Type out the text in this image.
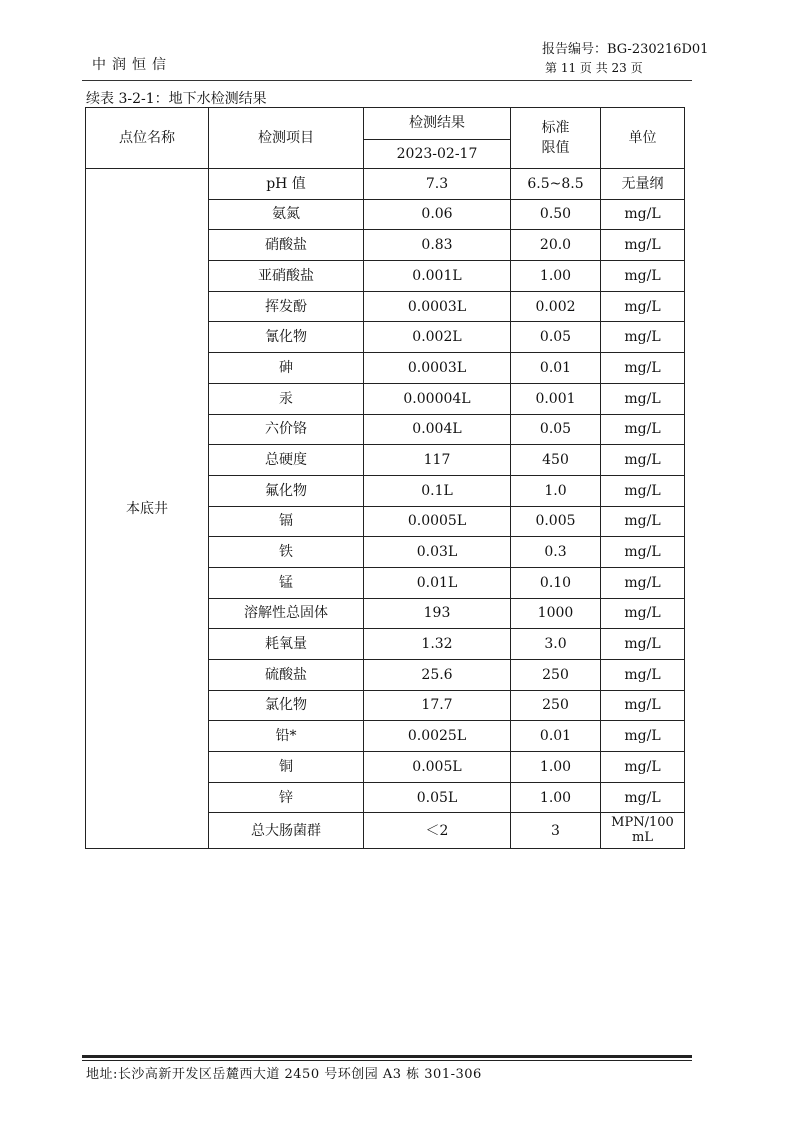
中润恒信
报告编号：BG-230216D01
第 11 页 共 23 页
续表 3-2-1：地下水检测结果
点位名称	检测项目	检测结果	标准限值	单位
		2023-02-17		
本底井	pH 值	7.3	6.5~8.5	无量纲
	氨氮	0.06	0.50	mg/L
	硝酸盐	0.83	20.0	mg/L
	亚硝酸盐	0.001L	1.00	mg/L
	挥发酚	0.0003L	0.002	mg/L
	氰化物	0.002L	0.05	mg/L
	砷	0.0003L	0.01	mg/L
	汞	0.00004L	0.001	mg/L
	六价铬	0.004L	0.05	mg/L
	总硬度	117	450	mg/L
	氟化物	0.1L	1.0	mg/L
	镉	0.0005L	0.005	mg/L
	铁	0.03L	0.3	mg/L
	锰	0.01L	0.10	mg/L
	溶解性总固体	193	1000	mg/L
	耗氧量	1.32	3.0	mg/L
	硫酸盐	25.6	250	mg/L
	氯化物	17.7	250	mg/L
	铅*	0.0025L	0.01	mg/L
	铜	0.005L	1.00	mg/L
	锌	0.05L	1.00	mg/L
	总大肠菌群	＜2	3	MPN/100
mL
地址:长沙高新开发区岳麓西大道 2450 号环创园 A3 栋 301-306
